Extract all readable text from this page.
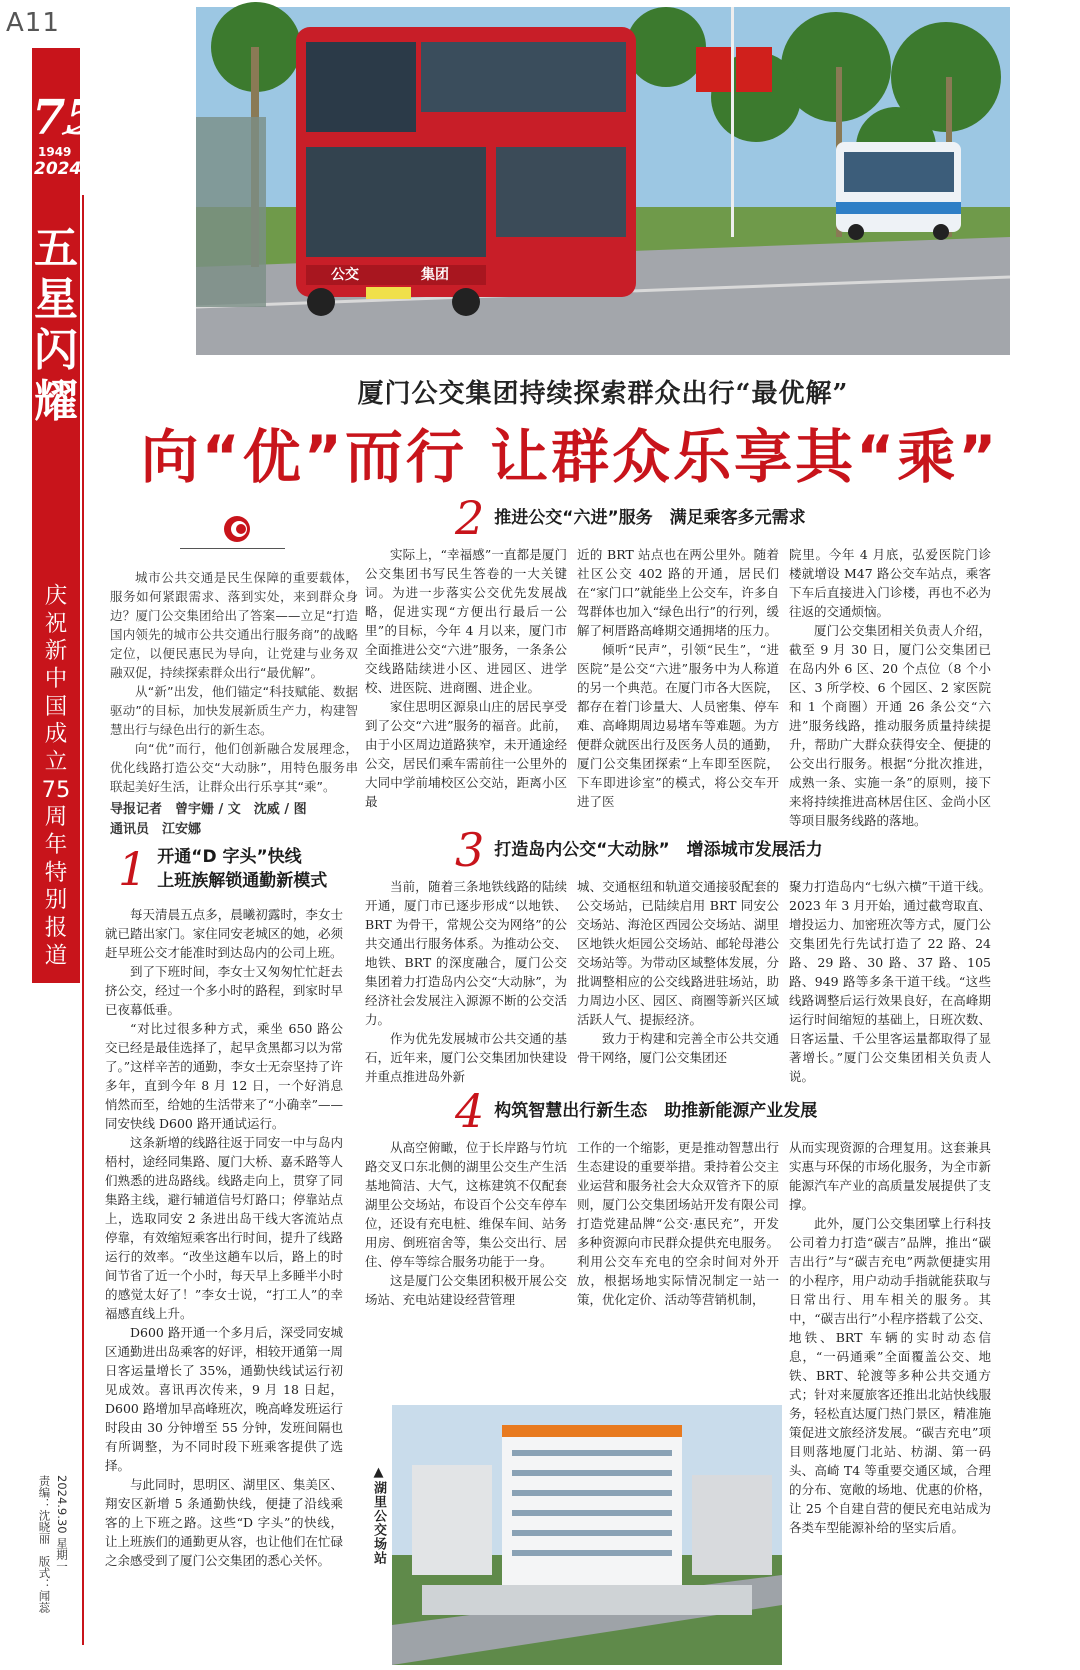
A11
75
1949
2024
五
星
闪
耀
庆
祝
新
中
国
成
立
75
周
年
特
别
报
道
公交	集团
厦门公交集团持续探索群众出行“最优解”
向“优”而行 让群众乐享其“乘”

城市公共交通是民生保障的重要载体，服务如何紧跟需求、落到实处，来到群众身边？厦门公交集团给出了答案——立足“打造国内领先的城市公共交通出行服务商”的战略定位，以便民惠民为导向，让党建与业务双融双促，持续探索群众出行“最优解”。

从“新”出发，他们锚定“科技赋能、数据驱动”的目标，加快发展新质生产力，构建智慧出行与绿色出行的新生态。

向“优”而行，他们创新融合发展理念，优化线路打造公交“大动脉”，用特色服务串联起美好生活，让群众出行乐享其“乘”。

导报记者　曾宇姗 / 文　沈威 / 图
通讯员　江安娜
1 开通“D 字头”快线
上班族解锁通勤新模式

每天清晨五点多，晨曦初露时，李女士就已踏出家门。家住同安老城区的她，必须赶早班公交才能准时到达岛内的公司上班。

到了下班时间，李女士又匆匆忙忙赶去挤公交，经过一个多小时的路程，到家时早已夜幕低垂。

“对比过很多种方式，乘坐 650 路公交已经是最佳选择了，起早贪黑都习以为常了。”这样辛苦的通勤，李女士无奈坚持了许多年，直到今年 8 月 12 日，一个好消息悄然而至，给她的生活带来了“小确幸”——同安快线 D600 路开通试运行。

这条新增的线路往返于同安一中与岛内梧村，途经同集路、厦门大桥、嘉禾路等人们熟悉的进岛路线。线路走向上，贯穿了同集路主线，避行辅道信号灯路口；停靠站点上，选取同安 2 条进出岛干线大客流站点停靠，有效缩短乘客出行时间，提升了线路运行的效率。“改坐这趟车以后，路上的时间节省了近一个小时，每天早上多睡半小时的感觉太好了！”李女士说，“打工人”的幸福感直线上升。

D600 路开通一个多月后，深受同安城区通勤进出岛乘客的好评，相较开通第一周日客运量增长了 35%，通勤快线试运行初见成效。喜讯再次传来，9 月 18 日起，D600 路增加早高峰班次，晚高峰发班运行时段由 30 分钟增至 55 分钟，发班间隔也有所调整，为不同时段下班乘客提供了选择。

与此同时，思明区、湖里区、集美区、翔安区新增 5 条通勤快线，便捷了沿线乘客的上下班之路。这些“D 字头”的快线，让上班族们的通勤更从容，也让他们在忙碌之余感受到了厦门公交集团的悉心关怀。

2 推进公交“六进”服务　满足乘客多元需求

实际上，“幸福感”一直都是厦门公交集团书写民生答卷的一大关键词。为进一步落实公交优先发展战略，促进实现“方便出行最后一公里”的目标，今年 4 月以来，厦门市全面推进公交“六进”服务，一条条公交线路陆续进小区、进园区、进学校、进医院、进商圈、进企业。

家住思明区源泉山庄的居民享受到了公交“六进”服务的福音。此前，由于小区周边道路狭窄，未开通途经公交，居民们乘车需前往一公里外的大同中学前埔校区公交站，距离小区最

近的 BRT 站点也在两公里外。随着社区公交 402 路的开通，居民们在“家门口”就能坐上公交车，许多自驾群体也加入“绿色出行”的行列，缓解了柯厝路高峰期交通拥堵的压力。

倾听“民声”，引领“民生”，“进医院”是公交“六进”服务中为人称道的另一个典范。在厦门市各大医院，都存在着门诊量大、人员密集、停车难、高峰期周边易堵车等难题。为方便群众就医出行及医务人员的通勤，厦门公交集团探索“上车即至医院，下车即进诊室”的模式，将公交车开进了医

院里。今年 4 月底，弘爱医院门诊楼就增设 M47 路公交车站点，乘客下车后直接进入门诊楼，再也不必为往返的交通烦恼。

厦门公交集团相关负责人介绍，截至 9 月 30 日，厦门公交集团已在岛内外 6 区、20 个点位（8 个小区、3 所学校、6 个园区、2 家医院和 1 个商圈）开通 26 条公交“六进”服务线路，推动服务质量持续提升，帮助广大群众获得安全、便捷的公交出行服务。根据“分批次推进，成熟一条、实施一条”的原则，接下来将持续推进高林居住区、金尚小区等项目服务线路的落地。

3 打造岛内公交“大动脉”　增添城市发展活力

当前，随着三条地铁线路的陆续开通，厦门市已逐步形成“以地铁、BRT 为骨干，常规公交为网络”的公共交通出行服务体系。为推动公交、地铁、BRT 的深度融合，厦门公交集团着力打造岛内公交“大动脉”，为经济社会发展注入源源不断的公交活力。

作为优先发展城市公共交通的基石，近年来，厦门公交集团加快建设并重点推进岛外新

城、交通枢纽和轨道交通接驳配套的公交场站，已陆续启用 BRT 同安公交场站、海沧区西园公交场站、湖里区地铁火炬园公交场站、邮轮母港公交场站等。为带动区域整体发展，分批调整相应的公交线路进驻场站，助力周边小区、园区、商圈等新兴区域活跃人气、提振经济。

致力于构建和完善全市公共交通骨干网络，厦门公交集团还

聚力打造岛内“七纵六横”干道干线。2023 年 3 月开始，通过截弯取直、增投运力、加密班次等方式，厦门公交集团先行先试打造了 22 路、24 路、29 路、30 路、37 路、105 路、949 路等多条干道干线。“这些线路调整后运行效果良好，在高峰期运行时间缩短的基础上，日班次数、日客运量、千公里客运量都取得了显著增长。”厦门公交集团相关负责人说。

4 构筑智慧出行新生态　助推新能源产业发展

从高空俯瞰，位于长岸路与竹坑路交叉口东北侧的湖里公交生产生活基地简洁、大气，这栋建筑不仅配套湖里公交场站，布设百个公交车停车位，还设有充电桩、维保车间、站务用房、倒班宿舍等，集公交出行、居住、停车等综合服务功能于一身。

这是厦门公交集团积极开展公交场站、充电站建设经营管理

工作的一个缩影，更是推动智慧出行生态建设的重要举措。秉持着公交主业运营和服务社会大众双管齐下的原则，厦门公交集团场站开发有限公司打造党建品牌“公交·惠民充”，开发多种资源向市民群众提供充电服务。利用公交车充电的空余时间对外开放，根据场地实际情况制定一站一策，优化定价、活动等营销机制，

从而实现资源的合理复用。这套兼具实惠与环保的市场化服务，为全市新能源汽车产业的高质量发展提供了支撑。

此外，厦门公交集团擘上行科技公司着力打造“碳吉”品牌，推出“碳吉出行”与“碳吉充电”两款便捷实用的小程序，用户动动手指就能获取与日常出行、用车相关的服务。其中，“碳吉出行”小程序搭载了公交、地铁、BRT 车辆的实时动态信息，“一码通乘”全面覆盖公交、地铁、BRT、轮渡等多种公共交通方式；针对来厦旅客还推出北站快线服务，轻松直达厦门热门景区，精准施策促进文旅经济发展。“碳吉充电”项目则落地厦门北站、枋湖、第一码头、高崎 T4 等重要交通区域，合理的分布、宽敞的场地、优惠的价格，让 25 个自建自营的便民充电站成为各类车型能源补给的坚实后盾。

▲湖里公交场站
责编：沈晓丽　版式：闻蕊 2024.9.30 星期一
